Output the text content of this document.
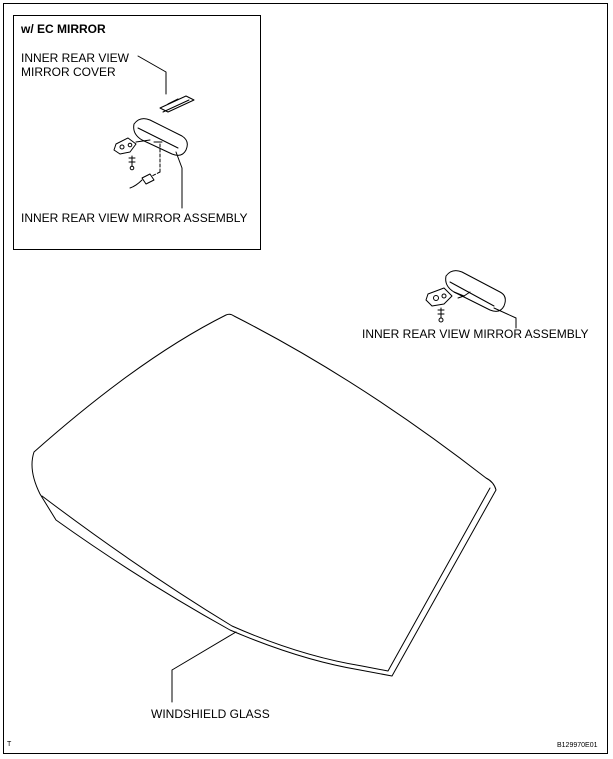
w/ EC MIRROR
INNER REAR VIEW
MIRROR COVER
INNER REAR VIEW MIRROR ASSEMBLY
INNER REAR VIEW MIRROR ASSEMBLY
WINDSHIELD GLASS
T	B129970E01
